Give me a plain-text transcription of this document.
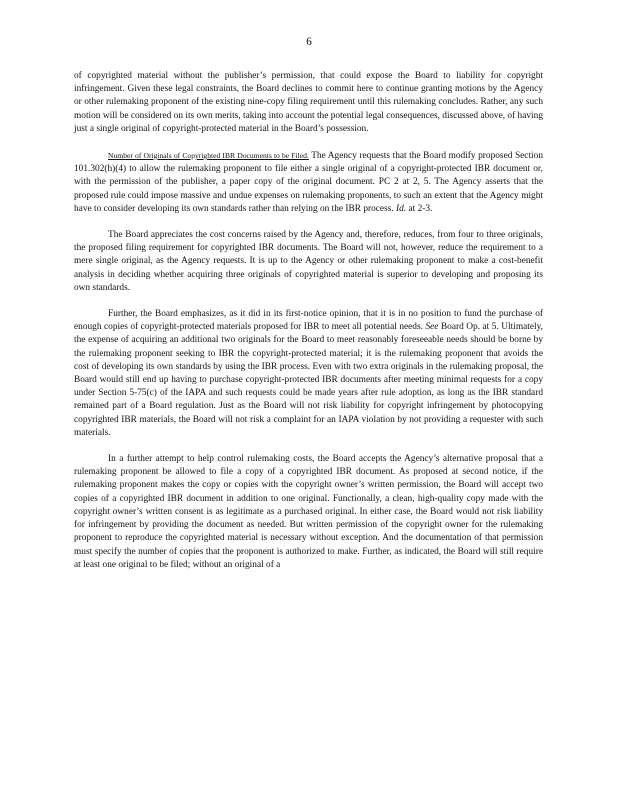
6

of copyrighted material without the publisher’s permission, that could expose the Board to liability for copyright infringement. Given these legal constraints, the Board declines to commit here to continue granting motions by the Agency or other rulemaking proponent of the existing nine-copy filing requirement until this rulemaking concludes. Rather, any such motion will be considered on its own merits, taking into account the potential legal consequences, discussed above, of having just a single original of copyright-protected material in the Board’s possession.

Number of Originals of Copyrighted IBR Documents to be Filed. The Agency requests that the Board modify proposed Section 101.302(h)(4) to allow the rulemaking proponent to file either a single original of a copyright-protected IBR document or, with the permission of the publisher, a paper copy of the original document. PC 2 at 2, 5. The Agency asserts that the proposed rule could impose massive and undue expenses on rulemaking proponents, to such an extent that the Agency might have to consider developing its own standards rather than relying on the IBR process. Id. at 2-3.

The Board appreciates the cost concerns raised by the Agency and, therefore, reduces, from four to three originals, the proposed filing requirement for copyrighted IBR documents. The Board will not, however, reduce the requirement to a mere single original, as the Agency requests. It is up to the Agency or other rulemaking proponent to make a cost-benefit analysis in deciding whether acquiring three originals of copyrighted material is superior to developing and proposing its own standards.

Further, the Board emphasizes, as it did in its first-notice opinion, that it is in no position to fund the purchase of enough copies of copyright-protected materials proposed for IBR to meet all potential needs. See Board Op. at 5. Ultimately, the expense of acquiring an additional two originals for the Board to meet reasonably foreseeable needs should be borne by the rulemaking proponent seeking to IBR the copyright-protected material; it is the rulemaking proponent that avoids the cost of developing its own standards by using the IBR process. Even with two extra originals in the rulemaking proposal, the Board would still end up having to purchase copyright-protected IBR documents after meeting minimal requests for a copy under Section 5-75(c) of the IAPA and such requests could be made years after rule adoption, as long as the IBR standard remained part of a Board regulation. Just as the Board will not risk liability for copyright infringement by photocopying copyrighted IBR materials, the Board will not risk a complaint for an IAPA violation by not providing a requester with such materials.

In a further attempt to help control rulemaking costs, the Board accepts the Agency’s alternative proposal that a rulemaking proponent be allowed to file a copy of a copyrighted IBR document. As proposed at second notice, if the rulemaking proponent makes the copy or copies with the copyright owner’s written permission, the Board will accept two copies of a copyrighted IBR document in addition to one original. Functionally, a clean, high-quality copy made with the copyright owner’s written consent is as legitimate as a purchased original. In either case, the Board would not risk liability for infringement by providing the document as needed. But written permission of the copyright owner for the rulemaking proponent to reproduce the copyrighted material is necessary without exception. And the documentation of that permission must specify the number of copies that the proponent is authorized to make. Further, as indicated, the Board will still require at least one original to be filed; without an original of a
